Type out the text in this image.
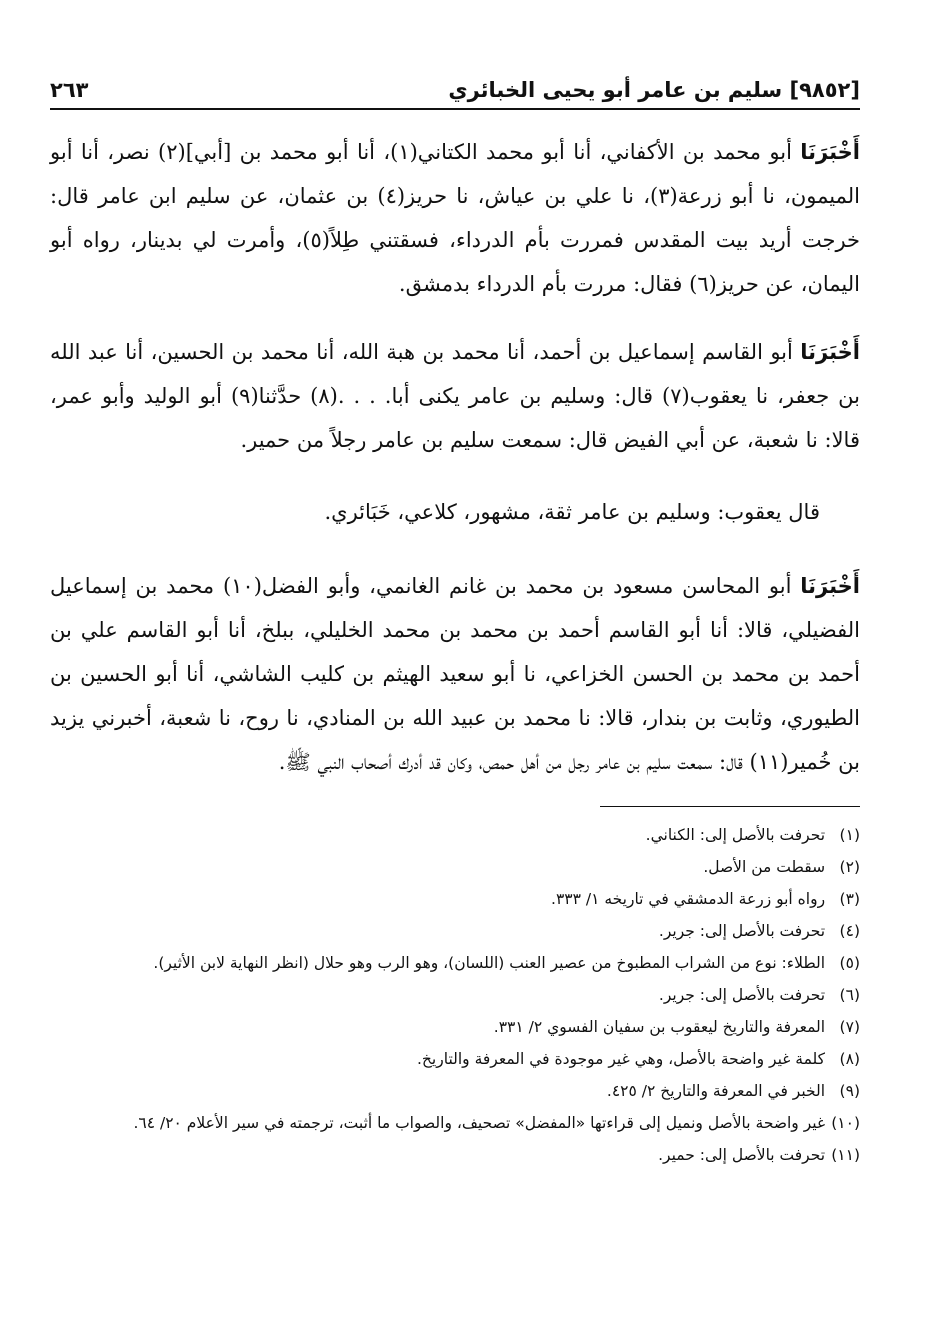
[٩٨٥٢] سليم بن عامر أبو يحيى الخبائري
٢٦٣

أَخْبَرَنَا أبو محمد بن الأكفاني، أنا أبو محمد الكتاني(١)، أنا أبو محمد بن [أبي](٢) نصر، أنا أبو الميمون، نا أبو زرعة(٣)، نا علي بن عياش، نا حريز(٤) بن عثمان، عن سليم ابن عامر قال: خرجت أريد بيت المقدس فمررت بأم الدرداء، فسقتني طِلاً(٥)، وأمرت لي بدينار، رواه أبو اليمان، عن حريز(٦) فقال: مررت بأم الدرداء بدمشق.

أَخْبَرَنَا أبو القاسم إسماعيل بن أحمد، أنا محمد بن هبة الله، أنا محمد بن الحسين، أنا عبد الله بن جعفر، نا يعقوب(٧) قال: وسليم بن عامر يكنى أبا. . . .(٨) حدَّثنا(٩) أبو الوليد وأبو عمر، قالا: نا شعبة، عن أبي الفيض قال: سمعت سليم بن عامر رجلاً من حمير.

قال يعقوب: وسليم بن عامر ثقة، مشهور، كلاعي، خَبَائري.

أَخْبَرَنَا أبو المحاسن مسعود بن محمد بن غانم الغانمي، وأبو الفضل(١٠) محمد بن إسماعيل الفضيلي، قالا: أنا أبو القاسم أحمد بن محمد بن محمد الخليلي، ببلخ، أنا أبو القاسم علي بن أحمد بن محمد بن الحسن الخزاعي، نا أبو سعيد الهيثم بن كليب الشاشي، أنا أبو الحسين بن الطيوري، وثابت بن بندار، قالا: نا محمد بن عبيد الله بن المنادي، نا روح، نا شعبة، أخبرني يزيد بن خُمير(١١) قال: سمعت سليم بن عامر رجل من أهل حمص، وكان قد أدرك أصحاب النبي ﷺ.

(١) تحرفت بالأصل إلى: الكناني.
(٢) سقطت من الأصل.
(٣) رواه أبو زرعة الدمشقي في تاريخه ١/ ٣٣٣.
(٤) تحرفت بالأصل إلى: جرير.
(٥) الطلاء: نوع من الشراب المطبوخ من عصير العنب (اللسان)، وهو الرب وهو حلال (انظر النهاية لابن الأثير).
(٦) تحرفت بالأصل إلى: جرير.
(٧) المعرفة والتاريخ ليعقوب بن سفيان الفسوي ٢/ ٣٣١.
(٨) كلمة غير واضحة بالأصل، وهي غير موجودة في المعرفة والتاريخ.
(٩) الخبر في المعرفة والتاريخ ٢/ ٤٢٥.
(١٠) غير واضحة بالأصل ونميل إلى قراءتها «المفضل» تصحيف، والصواب ما أثبت، ترجمته في سير الأعلام ٢٠/ ٦٤.
(١١) تحرفت بالأصل إلى: حمير.
